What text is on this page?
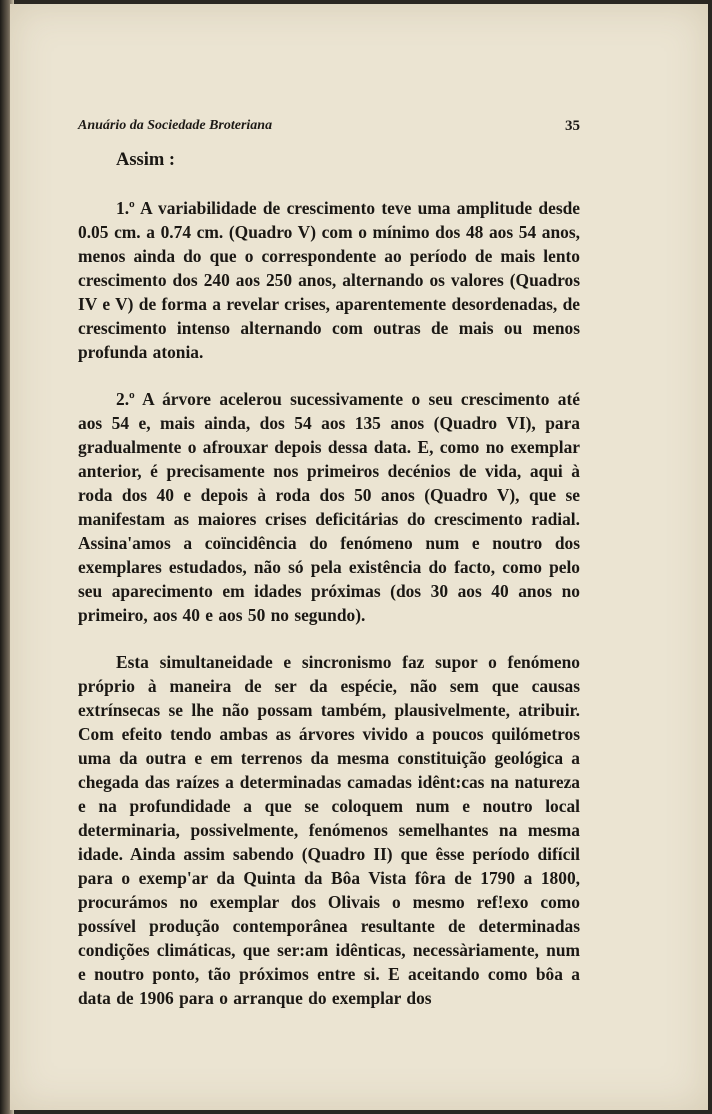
Anuário da Sociedade Broteriana	35

Assim :

1.º A variabilidade de crescimento teve uma amplitude desde 0.05 cm. a 0.74 cm. (Quadro V) com o mínimo dos 48 aos 54 anos, menos ainda do que o correspondente ao período de mais lento crescimento dos 240 aos 250 anos, alternando os valores (Quadros IV e V) de forma a revelar crises, aparentemente desordenadas, de crescimento intenso alternando com outras de mais ou menos profunda atonia.

2.º A árvore acelerou sucessivamente o seu crescimento até aos 54 e, mais ainda, dos 54 aos 135 anos (Quadro VI), para gradualmente o afrouxar depois dessa data. E, como no exemplar anterior, é precisamente nos primeiros decénios de vida, aqui à roda dos 40 e depois à roda dos 50 anos (Quadro V), que se manifestam as maiores crises deficitárias do crescimento radial. Assina'amos a coïncidência do fenómeno num e noutro dos exemplares estudados, não só pela existência do facto, como pelo seu aparecimento em idades próximas (dos 30 aos 40 anos no primeiro, aos 40 e aos 50 no segundo).

Esta simultaneidade e sincronismo faz supor o fenómeno próprio à maneira de ser da espécie, não sem que causas extrínsecas se lhe não possam também, plausivelmente, atribuir. Com efeito tendo ambas as árvores vivido a poucos quilómetros uma da outra e em terrenos da mesma constituição geológica a chegada das raízes a determinadas camadas idênt:cas na natureza e na profundidade a que se coloquem num e noutro local determinaria, possivelmente, fenómenos semelhantes na mesma idade. Ainda assim sabendo (Quadro II) que êsse período difícil para o exemp'ar da Quinta da Bôa Vista fôra de 1790 a 1800, procurámos no exemplar dos Olivais o mesmo ref!exo como possível produção contemporânea resultante de determinadas condições climáticas, que ser:am idênticas, necessàriamente, num e noutro ponto, tão próximos entre si. E aceitando como bôa a data de 1906 para o arranque do exemplar dos
